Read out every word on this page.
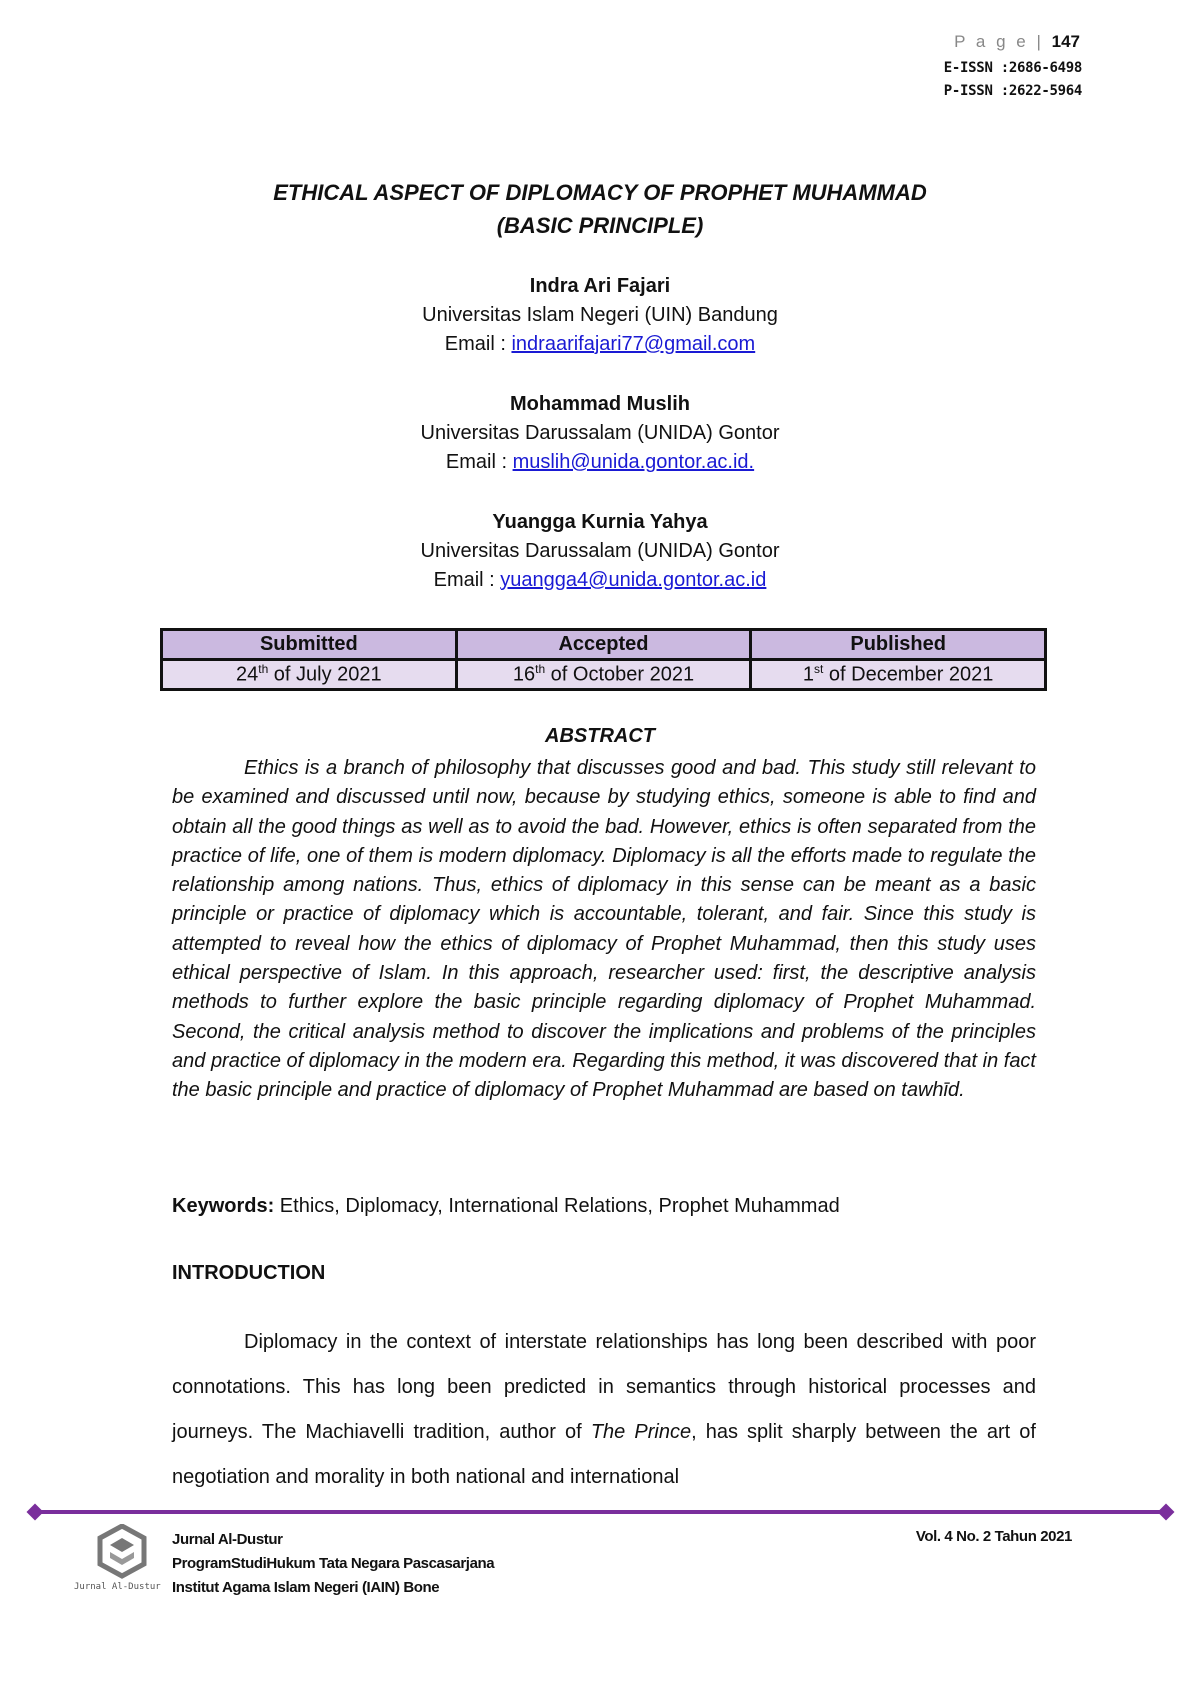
P a g e | 147
E-ISSN :2686-6498
P-ISSN :2622-5964
ETHICAL ASPECT OF DIPLOMACY OF PROPHET MUHAMMAD
(BASIC PRINCIPLE)
Indra Ari Fajari
Universitas Islam Negeri (UIN) Bandung
Email : indraarifajari77@gmail.com
Mohammad Muslih
Universitas Darussalam (UNIDA) Gontor
Email : muslih@unida.gontor.ac.id.
Yuangga Kurnia Yahya
Universitas Darussalam (UNIDA) Gontor
Email : yuangga4@unida.gontor.ac.id
Submitted	Accepted	Published
24th of July 2021	16th of October 2021	1st of December 2021
ABSTRACT

Ethics is a branch of philosophy that discusses good and bad. This study still relevant to be examined and discussed until now, because by studying ethics, someone is able to find and obtain all the good things as well as to avoid the bad. However, ethics is often separated from the practice of life, one of them is modern diplomacy. Diplomacy is all the efforts made to regulate the relationship among nations. Thus, ethics of diplomacy in this sense can be meant as a basic principle or practice of diplomacy which is accountable, tolerant, and fair. Since this study is attempted to reveal how the ethics of diplomacy of Prophet Muhammad, then this study uses ethical perspective of Islam. In this approach, researcher used: first, the descriptive analysis methods to further explore the basic principle regarding diplomacy of Prophet Muhammad. Second, the critical analysis method to discover the implications and problems of the principles and practice of diplomacy in the modern era. Regarding this method, it was discovered that in fact the basic principle and practice of diplomacy of Prophet Muhammad are based on tawhīd.

Keywords: Ethics, Diplomacy, International Relations, Prophet Muhammad
INTRODUCTION

Diplomacy in the context of interstate relationships has long been described with poor connotations. This has long been predicted in semantics through historical processes and journeys. The Machiavelli tradition, author of The Prince, has split sharply between the art of negotiation and morality in both national and international

Jurnal Al-Dustur
Jurnal Al-Dustur
ProgramStudiHukum Tata Negara Pascasarjana
Institut Agama Islam Negeri (IAIN) Bone
Vol. 4 No. 2 Tahun 2021
